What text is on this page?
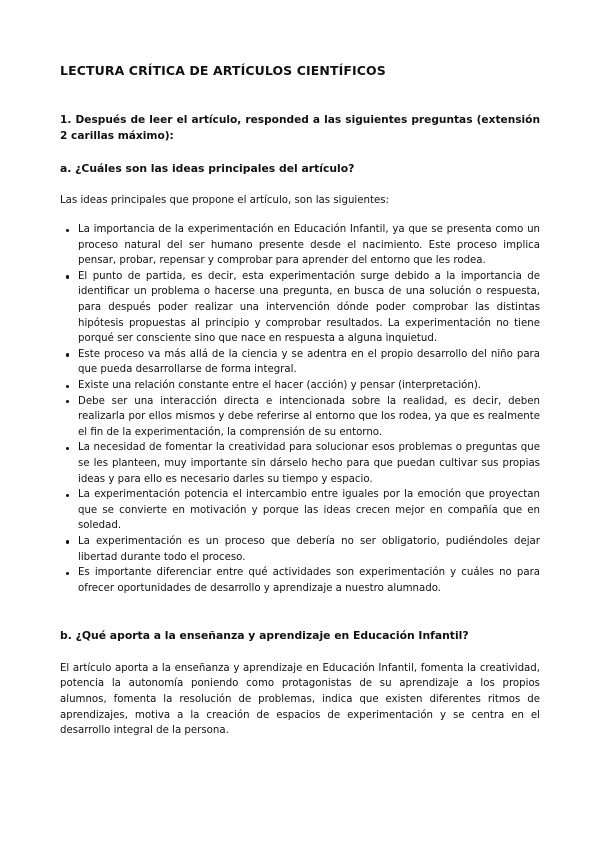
LECTURA CRÍTICA DE ARTÍCULOS CIENTÍFICOS
1. Después de leer el artículo, responded a las siguientes preguntas (extensión 2 carillas máximo):
a. ¿Cuáles son las ideas principales del artículo?

Las ideas principales que propone el artículo, son las siguientes:

La importancia de la experimentación en Educación Infantil, ya que se presenta como un proceso natural del ser humano presente desde el nacimiento. Este proceso implica pensar, probar, repensar y comprobar para aprender del entorno que les rodea.
El punto de partida, es decir, esta experimentación surge debido a la importancia de identificar un problema o hacerse una pregunta, en busca de una solución o respuesta, para después poder realizar una intervención dónde poder comprobar las distintas hipótesis propuestas al principio y comprobar resultados. La experimentación no tiene porqué ser consciente sino que nace en respuesta a alguna inquietud.
Este proceso va más allá de la ciencia y se adentra en el propio desarrollo del niño para que pueda desarrollarse de forma integral.
Existe una relación constante entre el hacer (acción) y pensar (interpretación).
Debe ser una interacción directa e intencionada sobre la realidad, es decir, deben realizarla por ellos mismos y debe referirse al entorno que los rodea, ya que es realmente el fin de la experimentación, la comprensión de su entorno.
La necesidad de fomentar la creatividad para solucionar esos problemas o preguntas que se les planteen, muy importante sin dárselo hecho para que puedan cultivar sus propias ideas y para ello es necesario darles su tiempo y espacio.
La experimentación potencia el intercambio entre iguales por la emoción que proyectan que se convierte en motivación y porque las ideas crecen mejor en compañía que en soledad.
La experimentación es un proceso que debería no ser obligatorio, pudiéndoles dejar libertad durante todo el proceso.
Es importante diferenciar entre qué actividades son experimentación y cuáles no para ofrecer oportunidades de desarrollo y aprendizaje a nuestro alumnado.
b. ¿Qué aporta a la enseñanza y aprendizaje en Educación Infantil?

El artículo aporta a la enseñanza y aprendizaje en Educación Infantil, fomenta la creatividad, potencia la autonomía poniendo como protagonistas de su aprendizaje a los propios alumnos, fomenta la resolución de problemas, indica que existen diferentes ritmos de aprendizajes, motiva a la creación de espacios de experimentación y se centra en el desarrollo integral de la persona.
